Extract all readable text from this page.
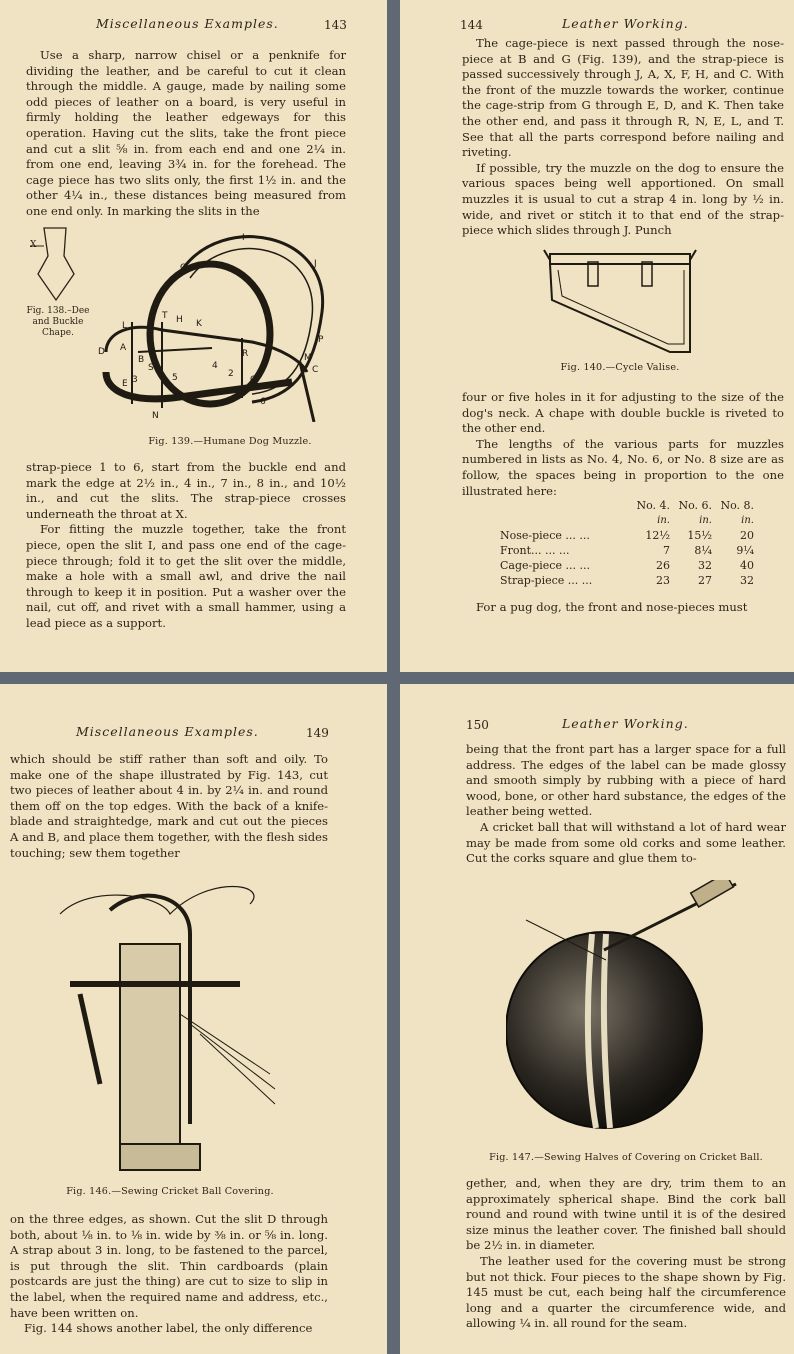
Miscellaneous Examples.	143

Use a sharp, narrow chisel or a penknife for dividing the leather, and be careful to cut it clean through the middle. A gauge, made by nailing some odd pieces of leather on a board, is very useful in firmly holding the leather edgeways for this operation. Having cut the slits, take the front piece and cut a slit ⅝ in. from each end and one 2¼ in. from one end, leaving 3¾ in. for the forehead. The cage piece has two slits only, the first 1½ in. and the other 4¼ in., these distances being measured from one end only. In marking the slits in the

X
Fig. 138.–Dee and Buckle Chape.
Q
I
J
T H K
L
P
C
D A
B
S
R
E 3	5
4
2
G
N
6
M
Fig. 139.—Humane Dog Muzzle.

strap-piece 1 to 6, start from the buckle end and mark the edge at 2½ in., 4 in., 7 in., 8 in., and 10½ in., and cut the slits. The strap-piece crosses underneath the throat at X.

For fitting the muzzle together, take the front piece, open the slit I, and pass one end of the cage-piece through; fold it to get the slit over the middle, make a hole with a small awl, and drive the nail through to keep it in position. Put a washer over the nail, cut off, and rivet with a small hammer, using a lead piece as a support.

144	Leather Working.

The cage-piece is next passed through the nose-piece at B and G (Fig. 139), and the strap-piece is passed successively through J, A, X, F, H, and C. With the front of the muzzle towards the worker, continue the cage-strip from G through E, D, and K. Then take the other end, and pass it through R, N, E, L, and T. See that all the parts correspond before nailing and riveting.

If possible, try the muzzle on the dog to ensure the various spaces being well apportioned. On small muzzles it is usual to cut a strap 4 in. long by ½ in. wide, and rivet or stitch it to that end of the strap-piece which slides through J. Punch

Fig. 140.—Cycle Valise.

four or five holes in it for adjusting to the size of the dog's neck. A chape with double buckle is riveted to the other end.

The lengths of the various parts for muzzles numbered in lists as No. 4, No. 6, or No. 8 size are as follow, the spaces being in proportion to the one illustrated here:

No. 4. No. 6. No. 8.
in.	in.	in.
Nose-piece ... ...	12½	15½	20
Front... ... ...	7	8¼	9¼
Cage-piece ... ...	26	32	40
Strap-piece ... ...	23	27	32

For a pug dog, the front and nose-pieces must

Miscellaneous Examples.	149

which should be stiff rather than soft and oily. To make one of the shape illustrated by Fig. 143, cut two pieces of leather about 4 in. by 2¼ in. and round them off on the top edges. With the back of a knife-blade and straightedge, mark and cut out the pieces A and B, and place them together, with the flesh sides touching; sew them together

Fig. 146.—Sewing Cricket Ball Covering.

on the three edges, as shown. Cut the slit D through both, about ⅛ in. to ⅛ in. wide by ⅜ in. or ⅝ in. long. A strap about 3 in. long, to be fastened to the parcel, is put through the slit. Thin cardboards (plain postcards are just the thing) are cut to size to slip in the label, when the required name and address, etc., have been written on.

Fig. 144 shows another label, the only difference

150	Leather Working.

being that the front part has a larger space for a full address. The edges of the label can be made glossy and smooth simply by rubbing with a piece of hard wood, bone, or other hard substance, the edges of the leather being wetted.

A cricket ball that will withstand a lot of hard wear may be made from some old corks and some leather. Cut the corks square and glue them to-

Fig. 147.—Sewing Halves of Covering on Cricket Ball.

gether, and, when they are dry, trim them to an approximately spherical shape. Bind the cork ball round and round with twine until it is of the desired size minus the leather cover. The finished ball should be 2½ in. in diameter.

The leather used for the covering must be strong but not thick. Four pieces to the shape shown by Fig. 145 must be cut, each being half the circumference long and a quarter the circumference wide, and allowing ¼ in. all round for the seam.
